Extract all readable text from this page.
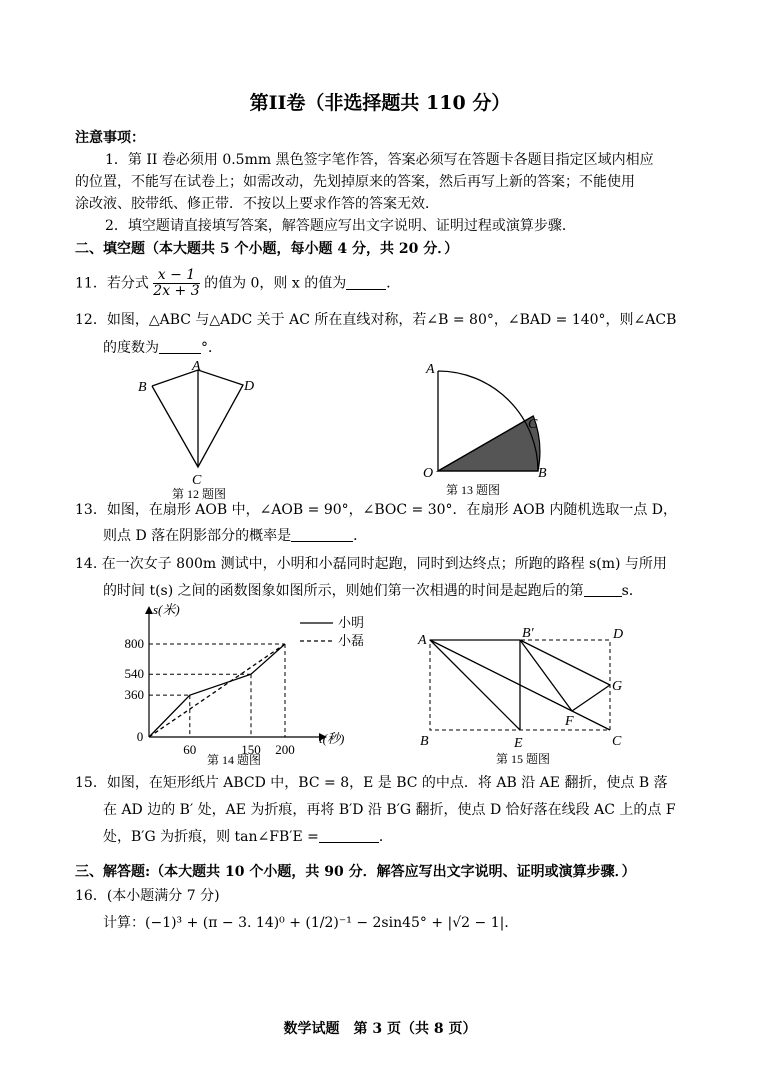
第II卷（非选择题共 110 分）
注意事项：
1．第 II 卷必须用 0.5mm 黑色签字笔作答，答案必须写在答题卡各题目指定区域内相应
的位置，不能写在试卷上；如需改动，先划掉原来的答案，然后再写上新的答案；不能使用
涂改液、胶带纸、修正带．不按以上要求作答的答案无效．
2．填空题请直接填写答案，解答题应写出文字说明、证明过程或演算步骤．
二、填空题（本大题共 5 个小题，每小题 4 分，共 20 分．）
11．若分式 $\frac{x - 1}{2x + 3}$ 的值为 0，则 x 的值为	．
12．如图，△ABC 与△ADC 关于 AC 所在直线对称，若∠B = 80°，∠BAD = 140°，则∠ACB
的度数为	°．
A
B	D
C
第 12 题图
A
O	B
C
第 13 题图
13．如图，在扇形 AOB 中，∠AOB = 90°，∠BOC = 30°．在扇形 AOB 内随机选取一点 D，
则点 D 落在阴影部分的概率是	．
14. 在一次女子 800m 测试中，小明和小磊同时起跑，同时到达终点；所跑的路程 s(m) 与所用
的时间 t(s) 之间的函数图象如图所示，则她们第一次相遇的时间是起跑后的第	s．
s(米)
t(秒)
小明
小磊
800
540
360
0
60	150 200
第 14 题图
A	B′	D
G
F
B	E	C
第 15 题图
15．如图，在矩形纸片 ABCD 中，BC = 8，E 是 BC 的中点．将 AB 沿 AE 翻折，使点 B 落
在 AD 边的 B′ 处，AE 为折痕，再将 B′D 沿 B′G 翻折，使点 D 恰好落在线段 AC 上的点 F
处，B′G 为折痕，则 tan∠FB′E =	．
三、解答题:（本大题共 10 个小题，共 90 分．解答应写出文字说明、证明或演算步骤．）
16．(本小题满分 7 分)
计算：(−1)³ + (π − 3. 14)⁰ + (1/2)⁻¹ − 2sin45° + |√2 − 1|．
数学试题　第 3 页（共 8 页）
